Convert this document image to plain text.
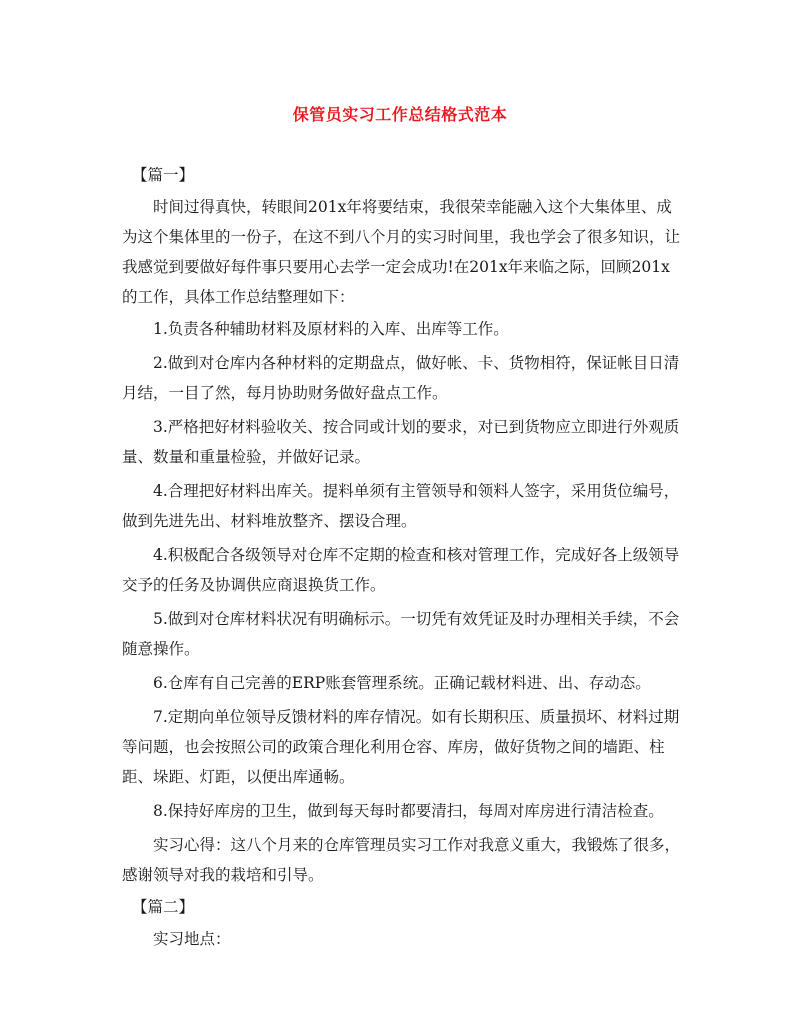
保管员实习工作总结格式范本

【篇一】

时间过得真快，转眼间201x年将要结束，我很荣幸能融入这个大集体里、成为这个集体里的一份子，在这不到八个月的实习时间里，我也学会了很多知识，让我感觉到要做好每件事只要用心去学一定会成功!在201x年来临之际，回顾201x的工作，具体工作总结整理如下：

1.负责各种辅助材料及原材料的入库、出库等工作。

2.做到对仓库内各种材料的定期盘点，做好帐、卡、货物相符，保证帐目日清月结，一目了然，每月协助财务做好盘点工作。

3.严格把好材料验收关、按合同或计划的要求，对已到货物应立即进行外观质量、数量和重量检验，并做好记录。

4.合理把好材料出库关。提料单须有主管领导和领料人签字，采用货位编号，做到先进先出、材料堆放整齐、摆设合理。

4.积极配合各级领导对仓库不定期的检查和核对管理工作，完成好各上级领导交予的任务及协调供应商退换货工作。

5.做到对仓库材料状况有明确标示。一切凭有效凭证及时办理相关手续，不会随意操作。

6.仓库有自己完善的ERP账套管理系统。正确记载材料进、出、存动态。

7.定期向单位领导反馈材料的库存情况。如有长期积压、质量损坏、材料过期等问题，也会按照公司的政策合理化利用仓容、库房，做好货物之间的墙距、柱距、垛距、灯距，以便出库通畅。

8.保持好库房的卫生，做到每天每时都要清扫，每周对库房进行清洁检查。

实习心得：这八个月来的仓库管理员实习工作对我意义重大，我锻炼了很多，感谢领导对我的栽培和引导。

【篇二】

实习地点：
